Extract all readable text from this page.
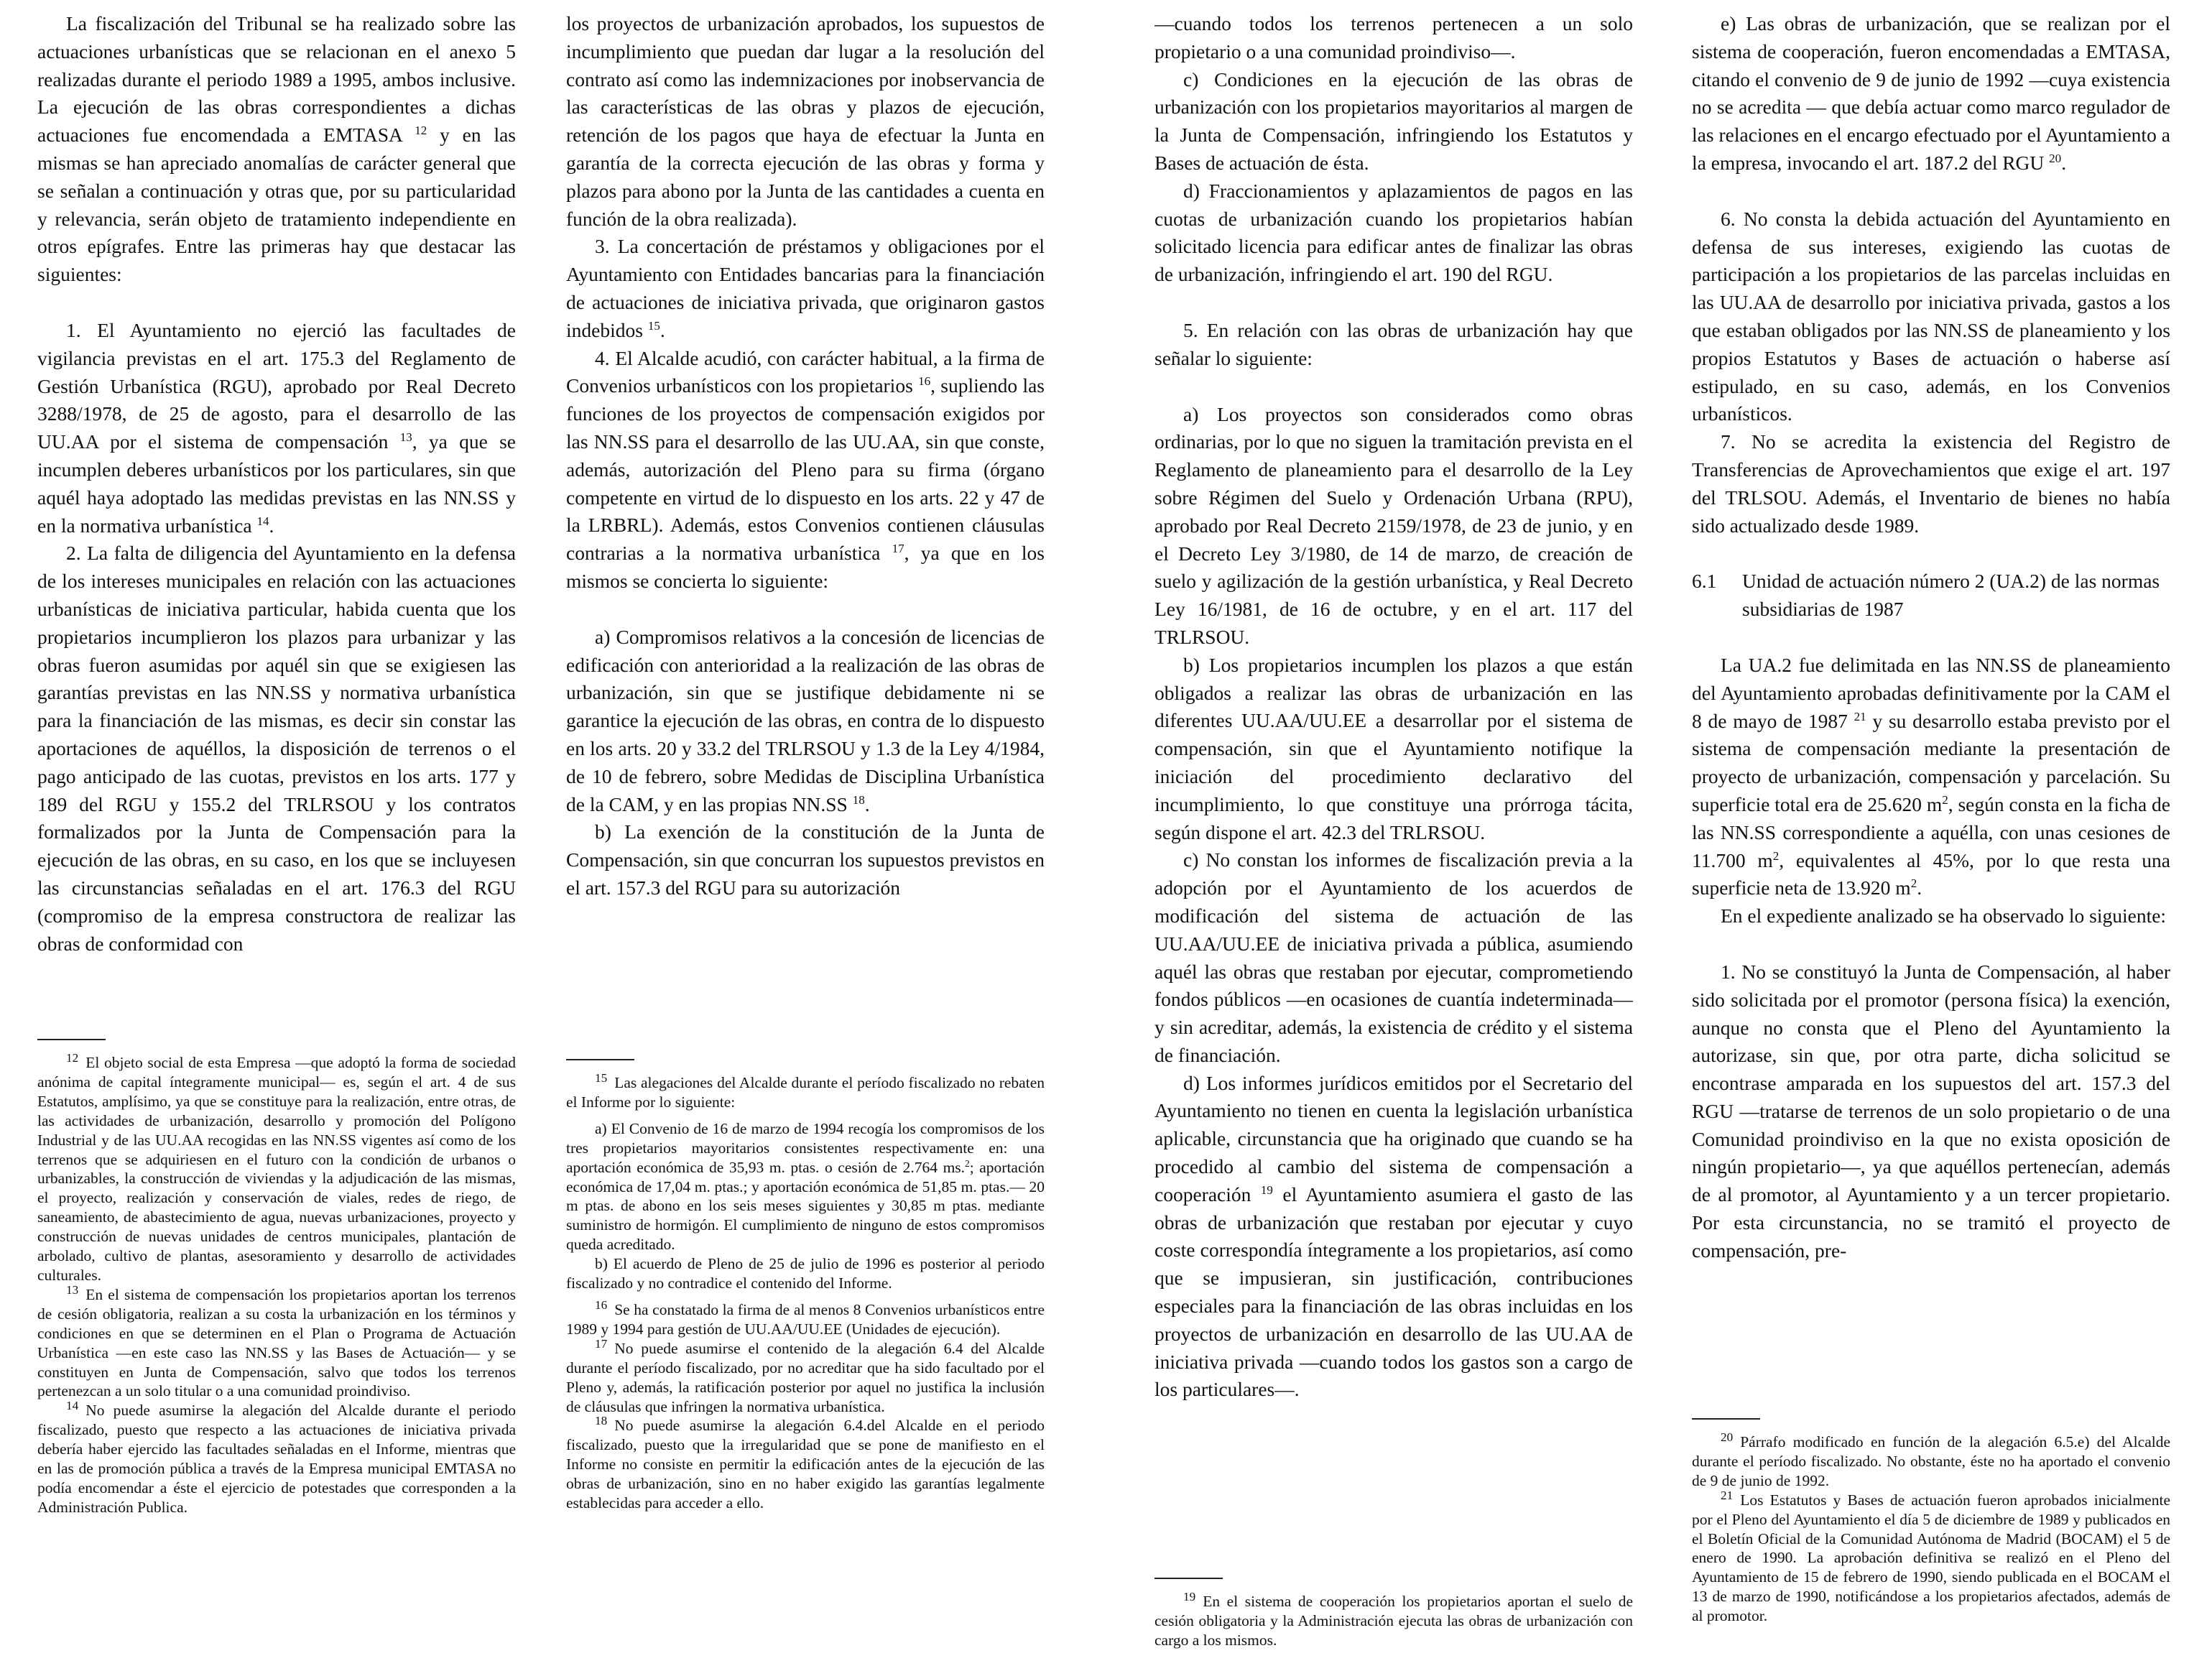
La fiscalización del Tribunal se ha realizado sobre las actuaciones urbanísticas que se relacionan en el anexo 5 realizadas durante el periodo 1989 a 1995, ambos inclusive. La ejecución de las obras correspondientes a dichas actuaciones fue encomendada a EMTASA $^{12}$ y en las mismas se han apreciado anomalías de carácter general que se señalan a continuación y otras que, por su particularidad y relevancia, serán objeto de tratamiento independiente en otros epígrafes. Entre las primeras hay que destacar las siguientes:

1. El Ayuntamiento no ejerció las facultades de vigilancia previstas en el art. 175.3 del Reglamento de Gestión Urbanística (RGU), aprobado por Real Decreto 3288/1978, de 25 de agosto, para el desarrollo de las UU.AA por el sistema de compensación $^{13}$, ya que se incumplen deberes urbanísticos por los particulares, sin que aquél haya adoptado las medidas previstas en las NN.SS y en la normativa urbanística $^{14}$.

2. La falta de diligencia del Ayuntamiento en la defensa de los intereses municipales en relación con las actuaciones urbanísticas de iniciativa particular, habida cuenta que los propietarios incumplieron los plazos para urbanizar y las obras fueron asumidas por aquél sin que se exigiesen las garantías previstas en las NN.SS y normativa urbanística para la financiación de las mismas, es decir sin constar las aportaciones de aquéllos, la disposición de terrenos o el pago anticipado de las cuotas, previstos en los arts. 177 y 189 del RGU y 155.2 del TRLRSOU y los contratos formalizados por la Junta de Compensación para la ejecución de las obras, en su caso, en los que se incluyesen las circunstancias señaladas en el art. 176.3 del RGU (compromiso de la empresa constructora de realizar las obras de conformidad con

$^{12}$ El objeto social de esta Empresa —que adoptó la forma de sociedad anónima de capital íntegramente municipal— es, según el art. 4 de sus Estatutos, amplísimo, ya que se constituye para la realización, entre otras, de las actividades de urbanización, desarrollo y promoción del Polígono Industrial y de las UU.AA recogidas en las NN.SS vigentes así como de los terrenos que se adquiriesen en el futuro con la condición de urbanos o urbanizables, la construcción de viviendas y la adjudicación de las mismas, el proyecto, realización y conservación de viales, redes de riego, de saneamiento, de abastecimiento de agua, nuevas urbanizaciones, proyecto y construcción de nuevas unidades de centros municipales, plantación de arbolado, cultivo de plantas, asesoramiento y desarrollo de actividades culturales.

$^{13}$ En el sistema de compensación los propietarios aportan los terrenos de cesión obligatoria, realizan a su costa la urbanización en los términos y condiciones en que se determinen en el Plan o Programa de Actuación Urbanística —en este caso las NN.SS y las Bases de Actuación— y se constituyen en Junta de Compensación, salvo que todos los terrenos pertenezcan a un solo titular o a una comunidad proindiviso.

$^{14}$ No puede asumirse la alegación del Alcalde durante el periodo fiscalizado, puesto que respecto a las actuaciones de iniciativa privada debería haber ejercido las facultades señaladas en el Informe, mientras que en las de promoción pública a través de la Empresa municipal EMTASA no podía encomendar a éste el ejercicio de potestades que corresponden a la Administración Publica.

los proyectos de urbanización aprobados, los supuestos de incumplimiento que puedan dar lugar a la resolución del contrato así como las indemnizaciones por inobservancia de las características de las obras y plazos de ejecución, retención de los pagos que haya de efectuar la Junta en garantía de la correcta ejecución de las obras y forma y plazos para abono por la Junta de las cantidades a cuenta en función de la obra realizada).

3. La concertación de préstamos y obligaciones por el Ayuntamiento con Entidades bancarias para la financiación de actuaciones de iniciativa privada, que originaron gastos indebidos $^{15}$.

4. El Alcalde acudió, con carácter habitual, a la firma de Convenios urbanísticos con los propietarios $^{16}$, supliendo las funciones de los proyectos de compensación exigidos por las NN.SS para el desarrollo de las UU.AA, sin que conste, además, autorización del Pleno para su firma (órgano competente en virtud de lo dispuesto en los arts. 22 y 47 de la LRBRL). Además, estos Convenios contienen cláusulas contrarias a la normativa urbanística $^{17}$, ya que en los mismos se concierta lo siguiente:

a) Compromisos relativos a la concesión de licencias de edificación con anterioridad a la realización de las obras de urbanización, sin que se justifique debidamente ni se garantice la ejecución de las obras, en contra de lo dispuesto en los arts. 20 y 33.2 del TRLRSOU y 1.3 de la Ley 4/1984, de 10 de febrero, sobre Medidas de Disciplina Urbanística de la CAM, y en las propias NN.SS $^{18}$.

b) La exención de la constitución de la Junta de Compensación, sin que concurran los supuestos previstos en el art. 157.3 del RGU para su autorización

$^{15}$ Las alegaciones del Alcalde durante el período fiscalizado no rebaten el Informe por lo siguiente:

a) El Convenio de 16 de marzo de 1994 recogía los compromisos de los tres propietarios mayoritarios consistentes respectivamente en: una aportación económica de 35,93 m. ptas. o cesión de 2.764 ms.$^2$; aportación económica de 17,04 m. ptas.; y aportación económica de 51,85 m. ptas.— 20 m ptas. de abono en los seis meses siguientes y 30,85 m ptas. mediante suministro de hormigón. El cumplimiento de ninguno de estos compromisos queda acreditado.

b) El acuerdo de Pleno de 25 de julio de 1996 es posterior al periodo fiscalizado y no contradice el contenido del Informe.

$^{16}$ Se ha constatado la firma de al menos 8 Convenios urbanísticos entre 1989 y 1994 para gestión de UU.AA/UU.EE (Unidades de ejecución).

$^{17}$ No puede asumirse el contenido de la alegación 6.4 del Alcalde durante el período fiscalizado, por no acreditar que ha sido facultado por el Pleno y, además, la ratificación posterior por aquel no justifica la inclusión de cláusulas que infringen la normativa urbanística.

$^{18}$ No puede asumirse la alegación 6.4.del Alcalde en el periodo fiscalizado, puesto que la irregularidad que se pone de manifiesto en el Informe no consiste en permitir la edificación antes de la ejecución de las obras de urbanización, sino en no haber exigido las garantías legalmente establecidas para acceder a ello.

—cuando todos los terrenos pertenecen a un solo propietario o a una comunidad proindiviso—.

c) Condiciones en la ejecución de las obras de urbanización con los propietarios mayoritarios al margen de la Junta de Compensación, infringiendo los Estatutos y Bases de actuación de ésta.

d) Fraccionamientos y aplazamientos de pagos en las cuotas de urbanización cuando los propietarios habían solicitado licencia para edificar antes de finalizar las obras de urbanización, infringiendo el art. 190 del RGU.

5. En relación con las obras de urbanización hay que señalar lo siguiente:

a) Los proyectos son considerados como obras ordinarias, por lo que no siguen la tramitación prevista en el Reglamento de planeamiento para el desarrollo de la Ley sobre Régimen del Suelo y Ordenación Urbana (RPU), aprobado por Real Decreto 2159/1978, de 23 de junio, y en el Decreto Ley 3/1980, de 14 de marzo, de creación de suelo y agilización de la gestión urbanística, y Real Decreto Ley 16/1981, de 16 de octubre, y en el art. 117 del TRLRSOU.

b) Los propietarios incumplen los plazos a que están obligados a realizar las obras de urbanización en las diferentes UU.AA/UU.EE a desarrollar por el sistema de compensación, sin que el Ayuntamiento notifique la iniciación del procedimiento declarativo del incumplimiento, lo que constituye una prórroga tácita, según dispone el art. 42.3 del TRLRSOU.

c) No constan los informes de fiscalización previa a la adopción por el Ayuntamiento de los acuerdos de modificación del sistema de actuación de las UU.AA/UU.EE de iniciativa privada a pública, asumiendo aquél las obras que restaban por ejecutar, comprometiendo fondos públicos —en ocasiones de cuantía indeterminada— y sin acreditar, además, la existencia de crédito y el sistema de financiación.

d) Los informes jurídicos emitidos por el Secretario del Ayuntamiento no tienen en cuenta la legislación urbanística aplicable, circunstancia que ha originado que cuando se ha procedido al cambio del sistema de compensación a cooperación $^{19}$ el Ayuntamiento asumiera el gasto de las obras de urbanización que restaban por ejecutar y cuyo coste correspondía íntegramente a los propietarios, así como que se impusieran, sin justificación, contribuciones especiales para la financiación de las obras incluidas en los proyectos de urbanización en desarrollo de las UU.AA de iniciativa privada —cuando todos los gastos son a cargo de los particulares—.

$^{19}$ En el sistema de cooperación los propietarios aportan el suelo de cesión obligatoria y la Administración ejecuta las obras de urbanización con cargo a los mismos.

e) Las obras de urbanización, que se realizan por el sistema de cooperación, fueron encomendadas a EMTASA, citando el convenio de 9 de junio de 1992 —cuya existencia no se acredita — que debía actuar como marco regulador de las relaciones en el encargo efectuado por el Ayuntamiento a la empresa, invocando el art. 187.2 del RGU $^{20}$.

6. No consta la debida actuación del Ayuntamiento en defensa de sus intereses, exigiendo las cuotas de participación a los propietarios de las parcelas incluidas en las UU.AA de desarrollo por iniciativa privada, gastos a los que estaban obligados por las NN.SS de planeamiento y los propios Estatutos y Bases de actuación o haberse así estipulado, en su caso, además, en los Convenios urbanísticos.

7. No se acredita la existencia del Registro de Transferencias de Aprovechamientos que exige el art. 197 del TRLSOU. Además, el Inventario de bienes no había sido actualizado desde 1989.

6.1	Unidad de actuación número 2 (UA.2) de las normas subsidiarias de 1987

La UA.2 fue delimitada en las NN.SS de planeamiento del Ayuntamiento aprobadas definitivamente por la CAM el 8 de mayo de 1987 $^{21}$ y su desarrollo estaba previsto por el sistema de compensación mediante la presentación de proyecto de urbanización, compensación y parcelación. Su superficie total era de 25.620 $m^2$, según consta en la ficha de las NN.SS correspondiente a aquélla, con unas cesiones de 11.700 $m^2$, equivalentes al 45%, por lo que resta una superficie neta de 13.920 $m^2$.

En el expediente analizado se ha observado lo siguiente:

1. No se constituyó la Junta de Compensación, al haber sido solicitada por el promotor (persona física) la exención, aunque no consta que el Pleno del Ayuntamiento la autorizase, sin que, por otra parte, dicha solicitud se encontrase amparada en los supuestos del art. 157.3 del RGU —tratarse de terrenos de un solo propietario o de una Comunidad proindiviso en la que no exista oposición de ningún propietario—, ya que aquéllos pertenecían, además de al promotor, al Ayuntamiento y a un tercer propietario. Por esta circunstancia, no se tramitó el proyecto de compensación, pre-

$^{20}$ Párrafo modificado en función de la alegación 6.5.e) del Alcalde durante el período fiscalizado. No obstante, éste no ha aportado el convenio de 9 de junio de 1992.

$^{21}$ Los Estatutos y Bases de actuación fueron aprobados inicialmente por el Pleno del Ayuntamiento el día 5 de diciembre de 1989 y publicados en el Boletín Oficial de la Comunidad Autónoma de Madrid (BOCAM) el 5 de enero de 1990. La aprobación definitiva se realizó en el Pleno del Ayuntamiento de 15 de febrero de 1990, siendo publicada en el BOCAM el 13 de marzo de 1990, notificándose a los propietarios afectados, además de al promotor.
